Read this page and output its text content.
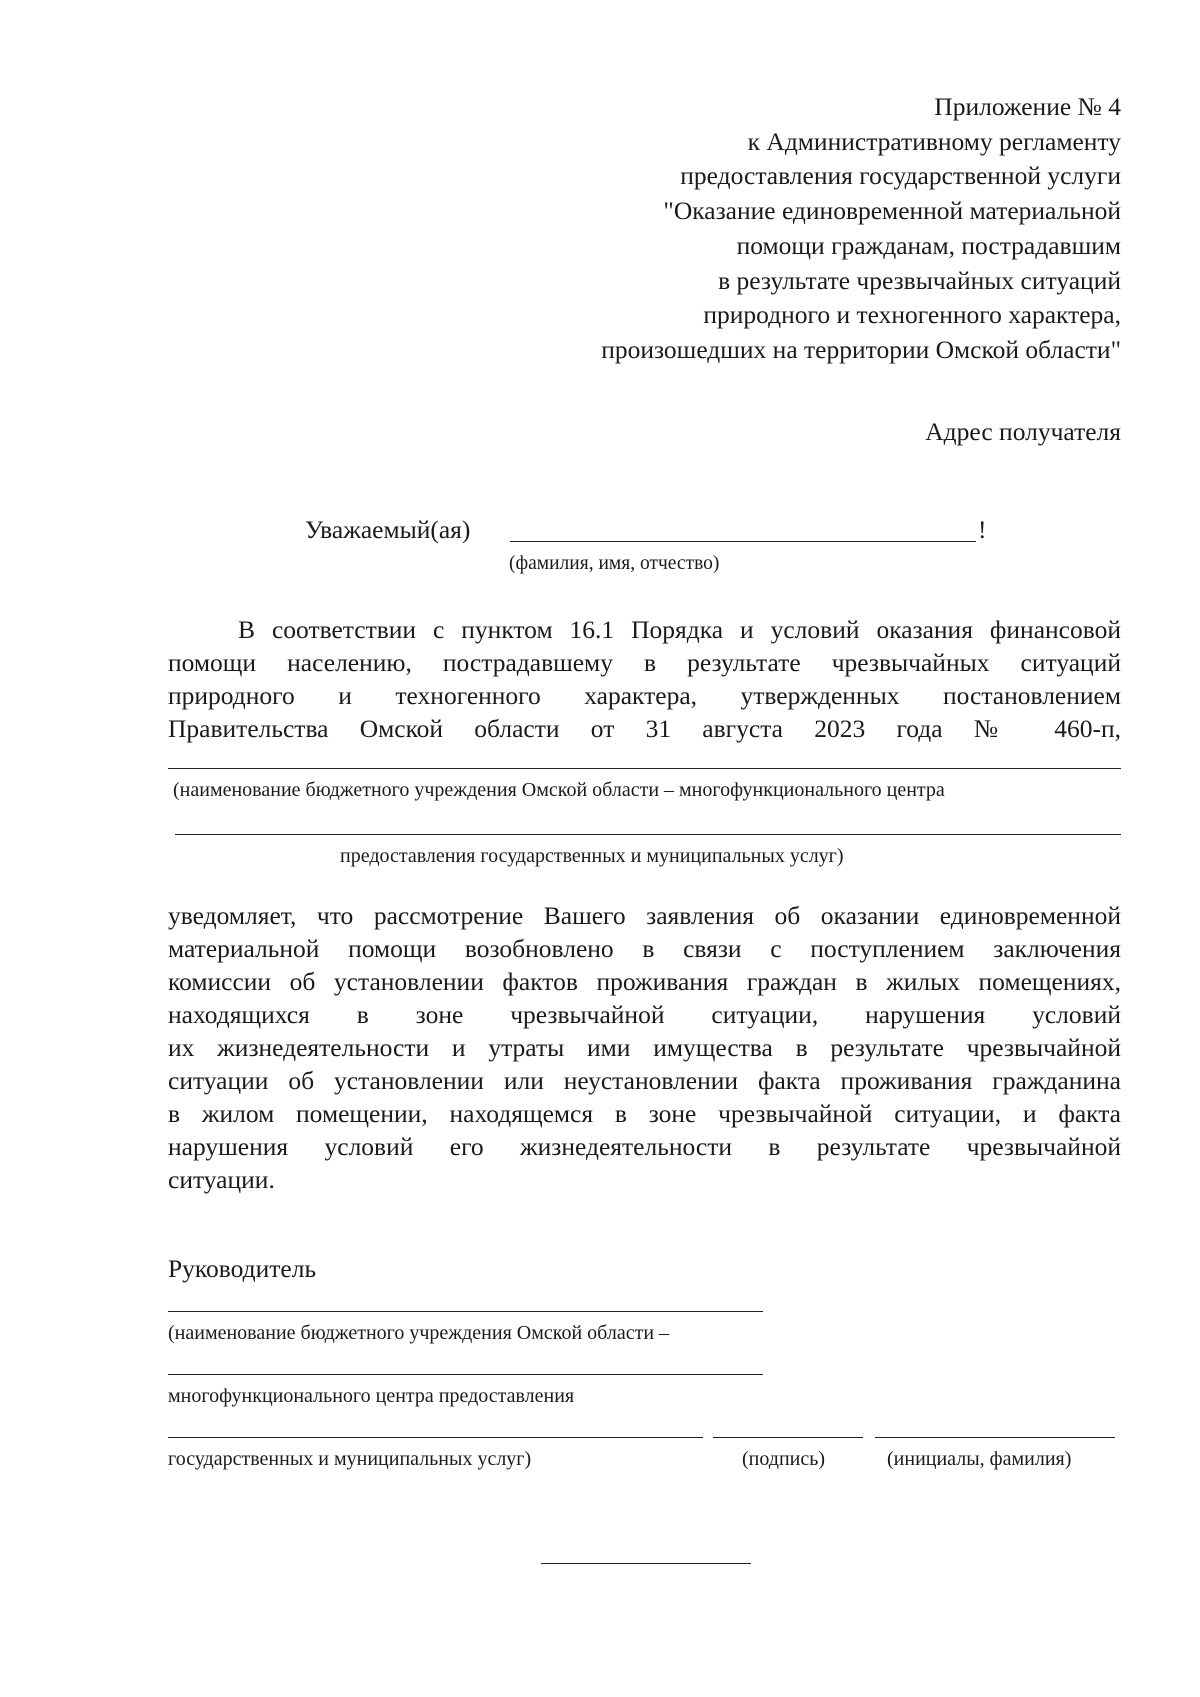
Приложение № 4
к Административному регламенту
предоставления государственной услуги
"Оказание единовременной материальной
помощи гражданам, пострадавшим
в результате чрезвычайных ситуаций
природного и техногенного характера,
произошедших на территории Омской области"
Адрес получателя
Уважаемый(ая)	!
(фамилия, имя, отчество)
В соответствии с пунктом 16.1 Порядка и условий оказания финансовой
помощи населению, пострадавшему в результате чрезвычайных ситуаций
природного и техногенного характера, утвержденных постановлением
Правительства Омской области от 31 августа 2023 года № 460-п,
(наименование бюджетного учреждения Омской области – многофункционального центра
предоставления государственных и муниципальных услуг)
уведомляет, что рассмотрение Вашего заявления об оказании единовременной
материальной помощи возобновлено в связи с поступлением заключения
комиссии об установлении фактов проживания граждан в жилых помещениях,
находящихся в зоне чрезвычайной ситуации, нарушения условий
их жизнедеятельности и утраты ими имущества в результате чрезвычайной
ситуации об установлении или неустановлении факта проживания гражданина
в жилом помещении, находящемся в зоне чрезвычайной ситуации, и факта
нарушения условий его жизнедеятельности в результате чрезвычайной
ситуации.
Руководитель
(наименование бюджетного учреждения Омской области –
многофункционального центра предоставления
государственных и муниципальных услуг)	(подпись)	(инициалы, фамилия)
